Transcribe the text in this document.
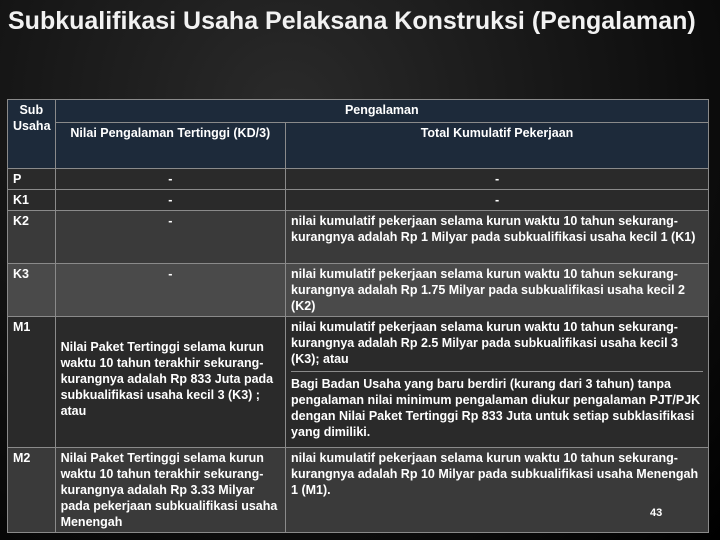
Subkualifikasi Usaha Pelaksana Konstruksi (Pengalaman)
Sub Usaha	Pengalaman	
	Nilai Pengalaman Tertinggi (KD/3)	Total Kumulatif Pekerjaan
P	-	-
K1	-	-
K2	-	nilai kumulatif pekerjaan selama kurun waktu 10 tahun sekurang-kurangnya adalah Rp 1 Milyar pada subkualifikasi usaha kecil 1 (K1)
K3	-	nilai kumulatif pekerjaan selama kurun waktu 10 tahun sekurang-kurangnya adalah Rp 1.75 Milyar pada subkualifikasi usaha kecil 2 (K2)
M1	Nilai Paket Tertinggi selama kurun waktu 10 tahun terakhir sekurang-kurangnya adalah Rp 833 Juta pada subkualifikasi usaha kecil 3 (K3) ; atau	nilai kumulatif pekerjaan selama kurun waktu 10 tahun sekurang-kurangnya adalah Rp 2.5 Milyar pada subkualifikasi usaha kecil 3 (K3); atau
Bagi Badan Usaha yang baru berdiri (kurang dari 3 tahun) tanpa pengalaman nilai minimum pengalaman diukur pengalaman PJT/PJK dengan Nilai Paket Tertinggi Rp 833 Juta untuk setiap subklasifikasi yang dimiliki.

M2	Nilai Paket Tertinggi selama kurun waktu 10 tahun terakhir sekurang-kurangnya adalah Rp 3.33 Milyar pada pekerjaan subkualifikasi usaha Menengah	nilai kumulatif pekerjaan selama kurun waktu 10 tahun sekurang-kurangnya adalah Rp 10 Milyar pada subkualifikasi usaha Menengah 1 (M1).
43
